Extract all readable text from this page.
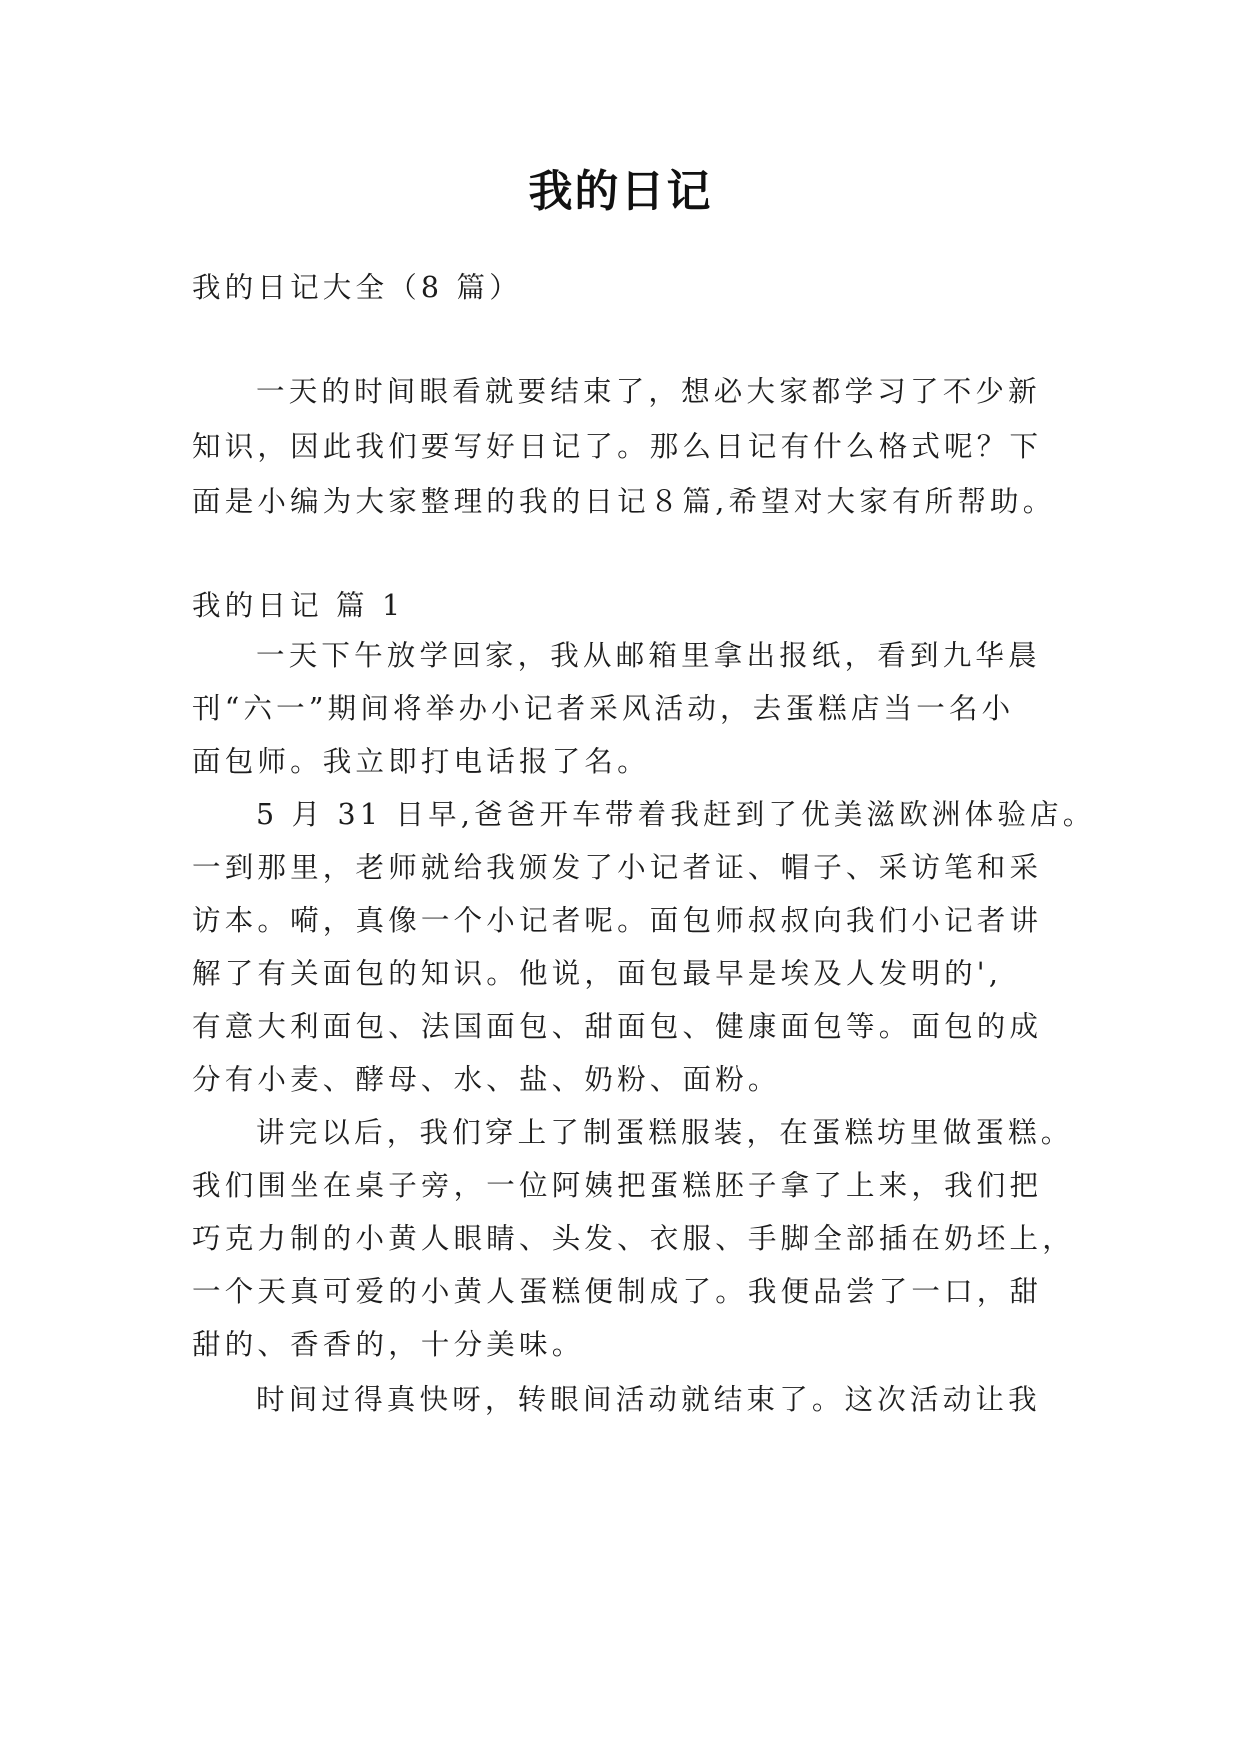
我的日记
我的日记大全（8 篇）
一天的时间眼看就要结束了，想必大家都学习了不少新
知识，因此我们要写好日记了。那么日记有什么格式呢？下
面是小编为大家整理的我的日记８篇,希望对大家有所帮助。
我的日记 篇 1
一天下午放学回家，我从邮箱里拿出报纸，看到九华晨
刊“六一”期间将举办小记者采风活动，去蛋糕店当一名小
面包师。我立即打电话报了名。
5 月 31 日早,爸爸开车带着我赶到了优美滋欧洲体验店。
一到那里，老师就给我颁发了小记者证、帽子、采访笔和采
访本。嗬，真像一个小记者呢。面包师叔叔向我们小记者讲
解了有关面包的知识。他说，面包最早是埃及人发明的',
有意大利面包、法国面包、甜面包、健康面包等。面包的成
分有小麦、酵母、水、盐、奶粉、面粉。
讲完以后，我们穿上了制蛋糕服装，在蛋糕坊里做蛋糕。
我们围坐在桌子旁，一位阿姨把蛋糕胚子拿了上来，我们把
巧克力制的小黄人眼睛、头发、衣服、手脚全部插在奶坯上，
一个天真可爱的小黄人蛋糕便制成了。我便品尝了一口，甜
甜的、香香的，十分美味。
时间过得真快呀，转眼间活动就结束了。这次活动让我
